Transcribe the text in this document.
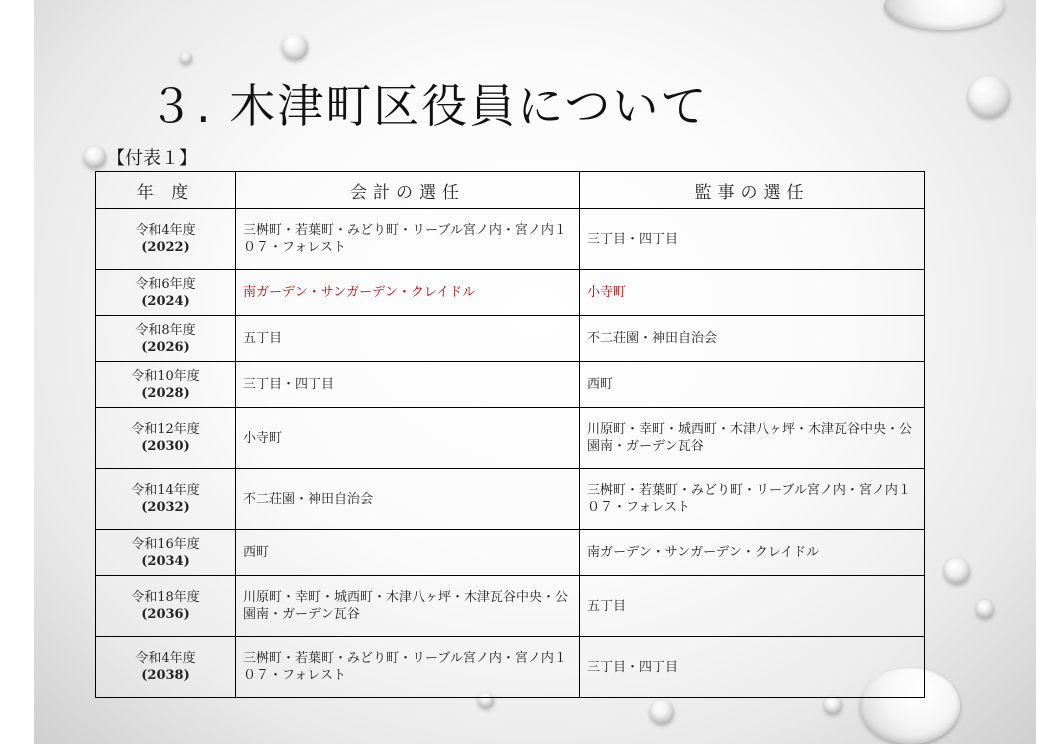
３. 木津町区役員について
【付表１】
年 度	会計の選任	監事の選任

令和4年度
(2022)	三桝町・若葉町・みどり町・リーブル宮ノ内・宮ノ内１０７・フォレスト	三丁目・四丁目

令和6年度
(2024)	南ガーデン・サンガーデン・クレイドル	小寺町

令和8年度
(2026)	五丁目	不二荘園・神田自治会

令和10年度
(2028)	三丁目・四丁目	西町

令和12年度
(2030)	小寺町	川原町・幸町・城西町・木津八ヶ坪・木津瓦谷中央・公園南・ガーデン瓦谷

令和14年度
(2032)	不二荘園・神田自治会	三桝町・若葉町・みどり町・リーブル宮ノ内・宮ノ内１０７・フォレスト

令和16年度
(2034)	西町	南ガーデン・サンガーデン・クレイドル

令和18年度
(2036)	川原町・幸町・城西町・木津八ヶ坪・木津瓦谷中央・公園南・ガーデン瓦谷	五丁目

令和4年度
(2038)	三桝町・若葉町・みどり町・リーブル宮ノ内・宮ノ内１０７・フォレスト	三丁目・四丁目
